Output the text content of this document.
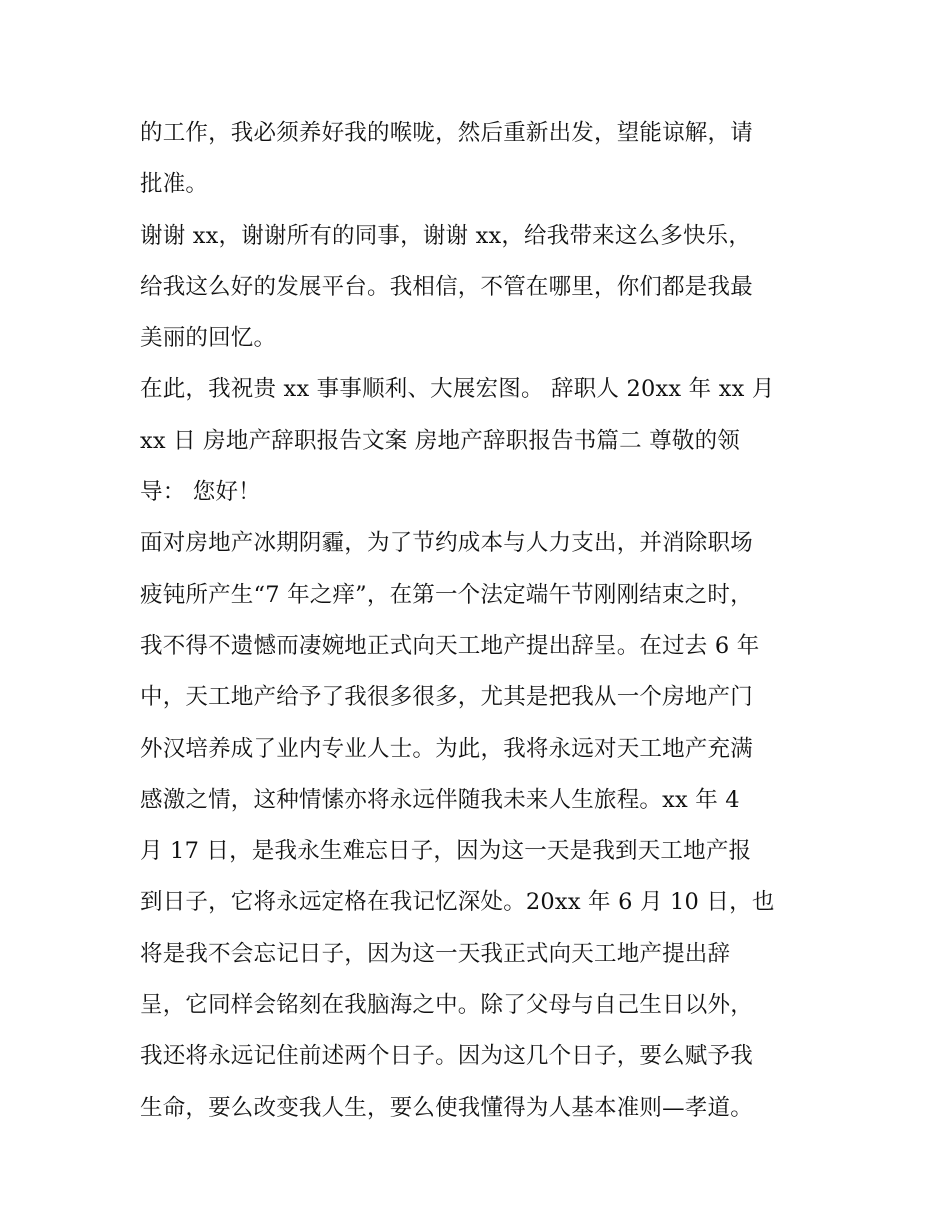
的工作，我必须养好我的喉咙，然后重新出发，望能谅解，请
批准。
谢谢 xx，谢谢所有的同事，谢谢 xx，给我带来这么多快乐，
给我这么好的发展平台。我相信，不管在哪里，你们都是我最
美丽的回忆。
在此，我祝贵 xx 事事顺利、大展宏图。 辞职人 20xx 年 xx 月
xx 日 房地产辞职报告文案 房地产辞职报告书篇二 尊敬的领
导： 您好！
面对房地产冰期阴霾，为了节约成本与人力支出，并消除职场
疲钝所产生“7 年之痒”，在第一个法定端午节刚刚结束之时，
我不得不遗憾而凄婉地正式向天工地产提出辞呈。在过去 6 年
中，天工地产给予了我很多很多，尤其是把我从一个房地产门
外汉培养成了业内专业人士。为此，我将永远对天工地产充满
感激之情，这种情愫亦将永远伴随我未来人生旅程。xx 年 4
月 17 日，是我永生难忘日子，因为这一天是我到天工地产报
到日子，它将永远定格在我记忆深处。20xx 年 6 月 10 日，也
将是我不会忘记日子，因为这一天我正式向天工地产提出辞
呈，它同样会铭刻在我脑海之中。除了父母与自己生日以外，
我还将永远记住前述两个日子。因为这几个日子，要么赋予我
生命，要么改变我人生，要么使我懂得为人基本准则—孝道。
